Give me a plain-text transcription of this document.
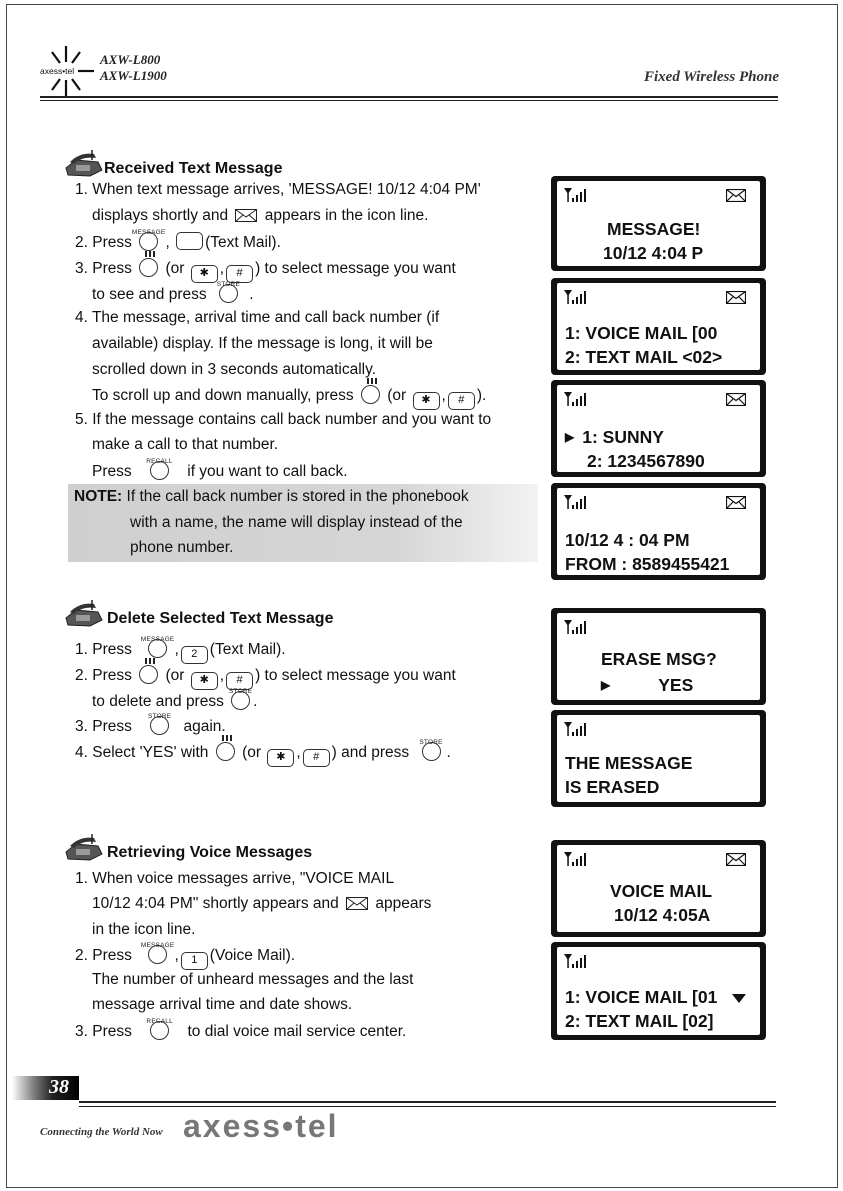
axess•tel
AXW-L800
AXW-L1900	Fixed Wireless Phone
Received Text Message
1. When text message arrives, 'MESSAGE! 10/12 4:04 PM'
displays shortly and appears in the icon line.
2. Press
MESSAGE
, (Text Mail).
3. Press (or ✱ , # ) to select message you want
to see and press
STORE
.
4. The message, arrival time and call back number (if
available) display. If the message is long, it will be
scrolled down in 3 seconds automatically.
To scroll up and down manually, press (or ✱ , # ).
5. If the message contains call back number and you want to
make a call to that number.
Press
RECALL
if you want to call back.
NOTE: If the call back number is stored in the phonebook
with a name, the name will display instead of the
phone number.
Delete Selected Text Message
1. Press
MESSAGE
, 2 (Text Mail).
2. Press (or ✱ , # ) to select message you want
to delete and press
STORE
.
3. Press
STORE
again.
4. Select 'YES' with (or ✱ , # ) and press
STORE
.
Retrieving Voice Messages
1. When voice messages arrive, "VOICE MAIL
10/12 4:04 PM" shortly appears and appears
in the icon line.
2. Press
MESSAGE
, 1 (Voice Mail).
The number of unheard messages and the last
message arrival time and date shows.
3. Press
RECALL
to dial voice mail service center.
MESSAGE!
10/12 4:04 P
1: VOICE MAIL [00
2: TEXT MAIL <02>
▶ 1: SUNNY
2: 1234567890
10/12 4 : 04 PM
FROM : 8589455421
ERASE MSG?
▶	YES
THE MESSAGE
IS ERASED
VOICE MAIL
10/12 4:05A
1: VOICE MAIL [01
2: TEXT MAIL [02]
38
Connecting the World Now axess•tel
